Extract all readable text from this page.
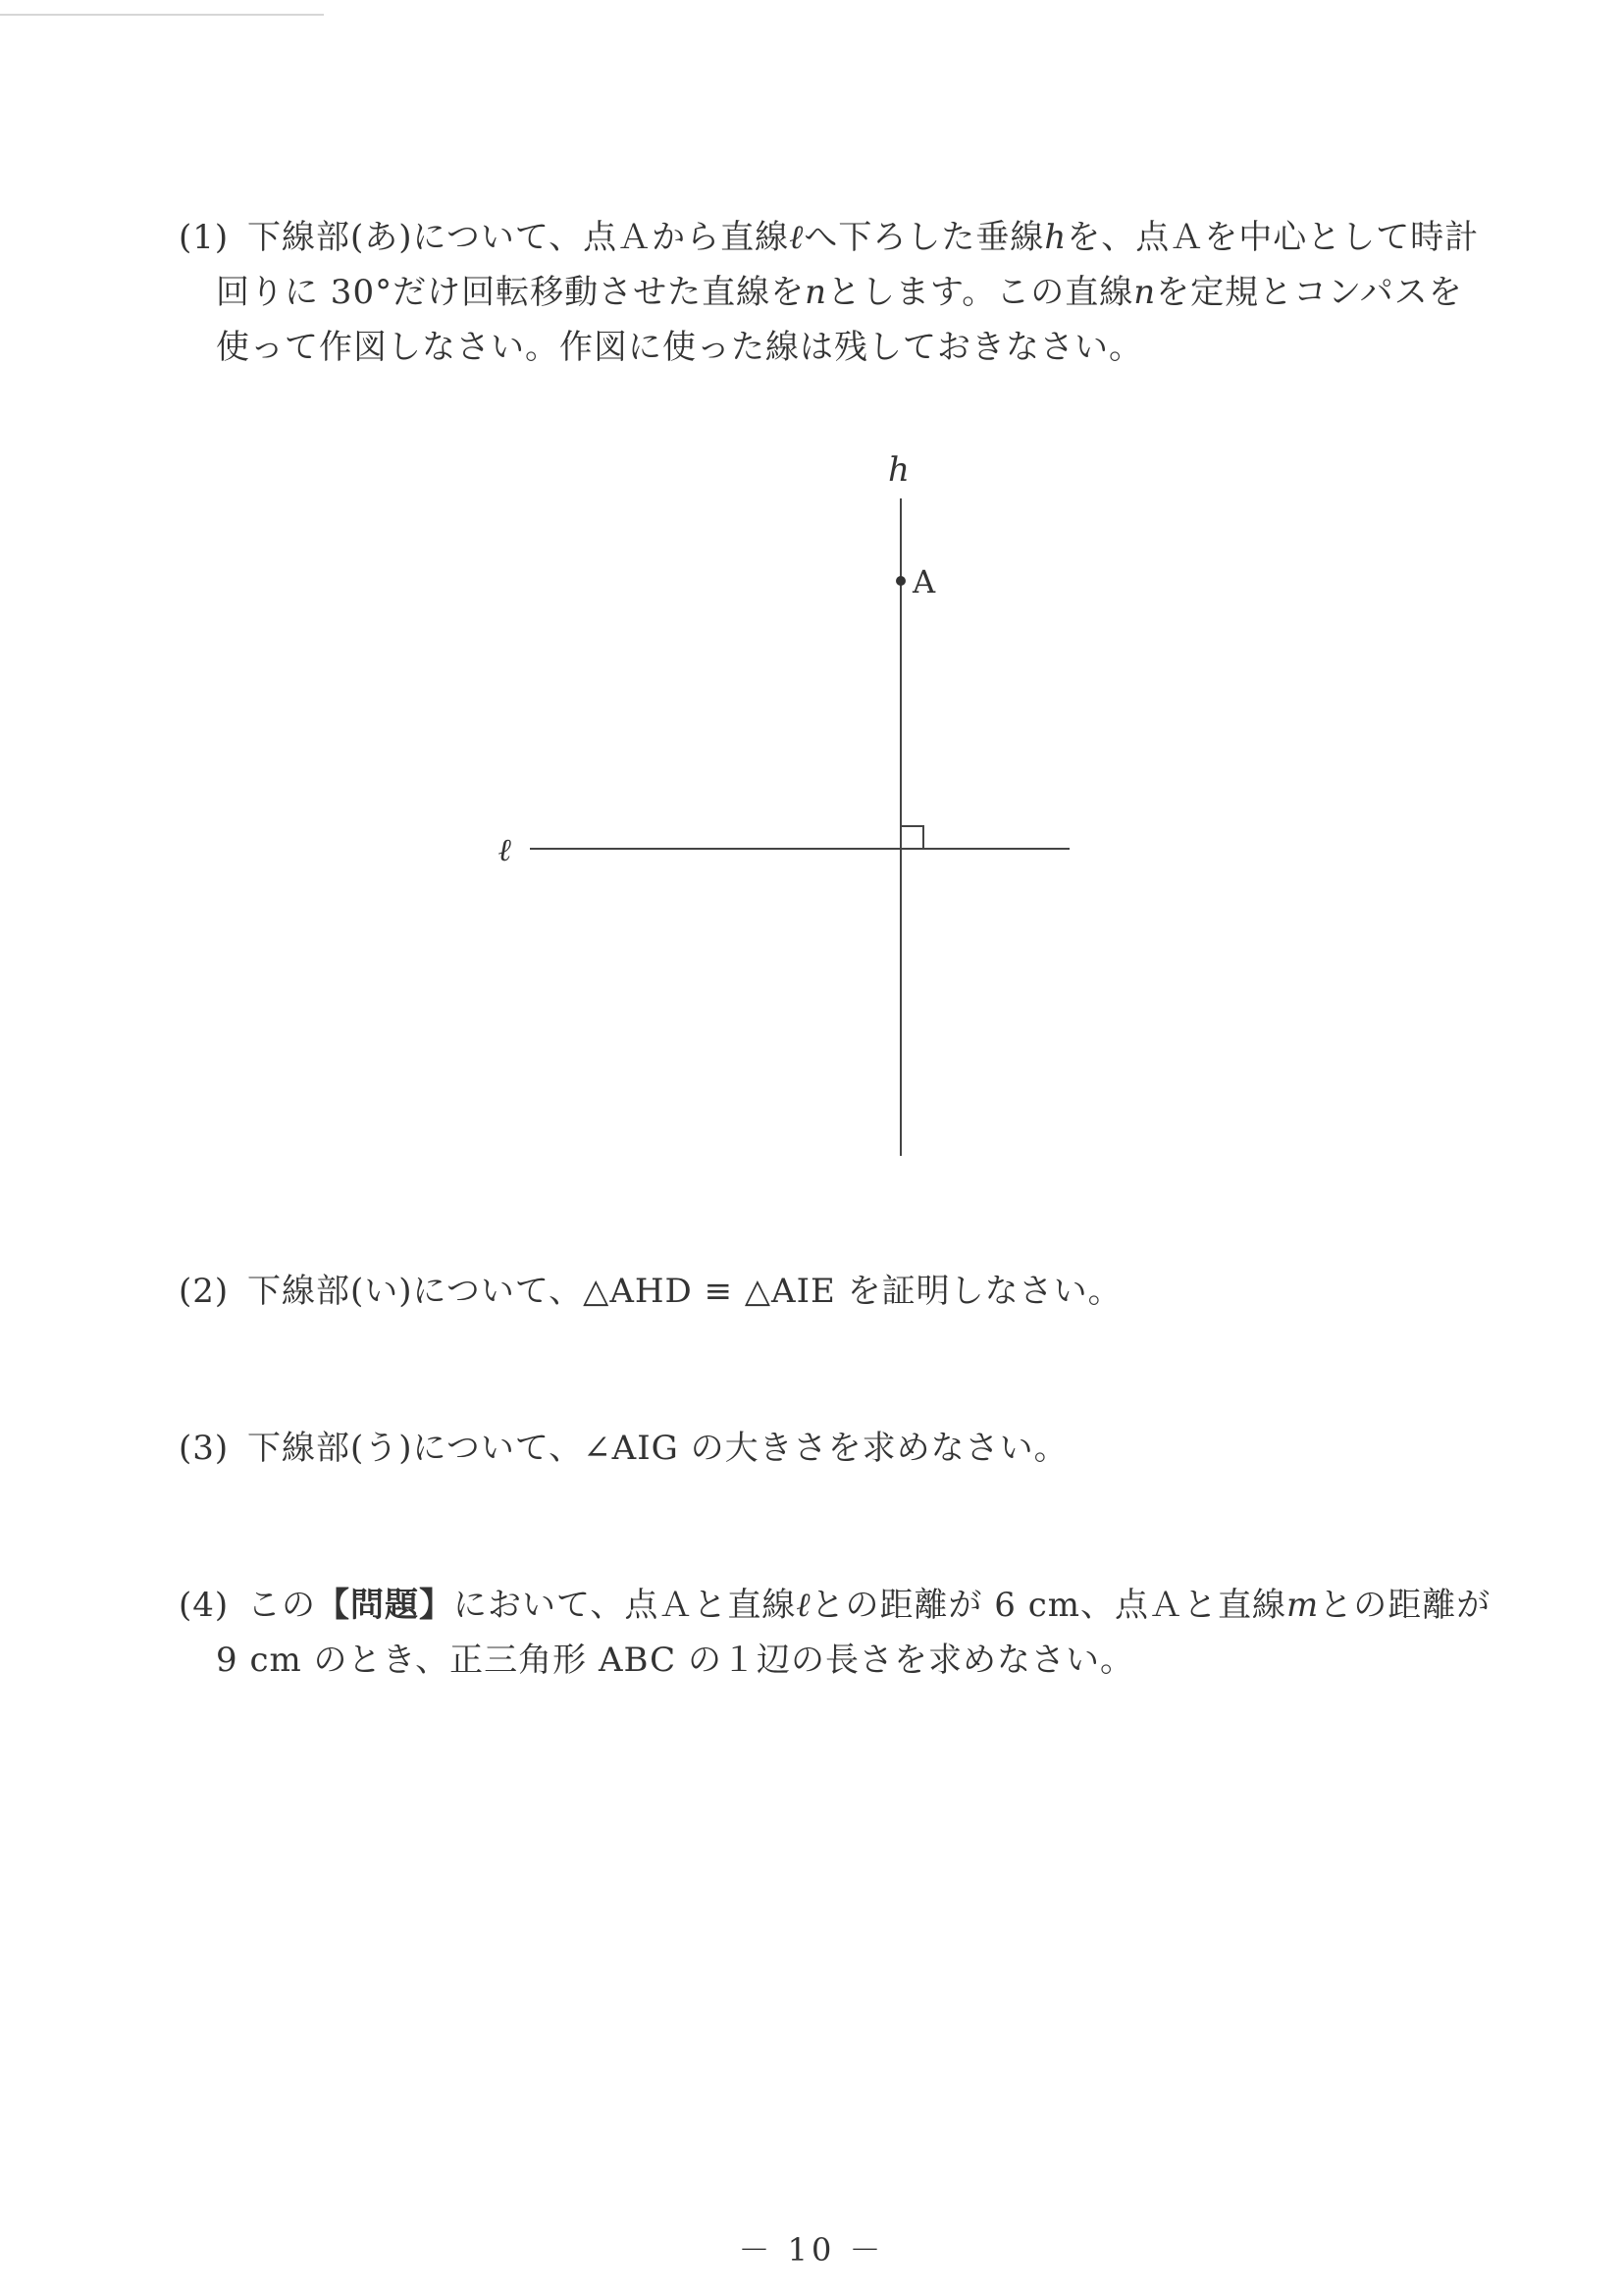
(1) 下線部(あ)について、点Ａから直線ℓへ下ろした垂線hを、点Ａを中心として時計
回りに 30°だけ回転移動させた直線をnとします。この直線nを定規とコンパスを
使って作図しなさい。作図に使った線は残しておきなさい。
h
A
ℓ
(2) 下線部(い)について、△AHD ≡ △AIE を証明しなさい。
(3) 下線部(う)について、∠AIG の大きさを求めなさい。
(4) この【問題】において、点Ａと直線ℓとの距離が 6 cm、点Ａと直線mとの距離が
9 cm のとき、正三角形 ABC の１辺の長さを求めなさい。
－ 10 －
